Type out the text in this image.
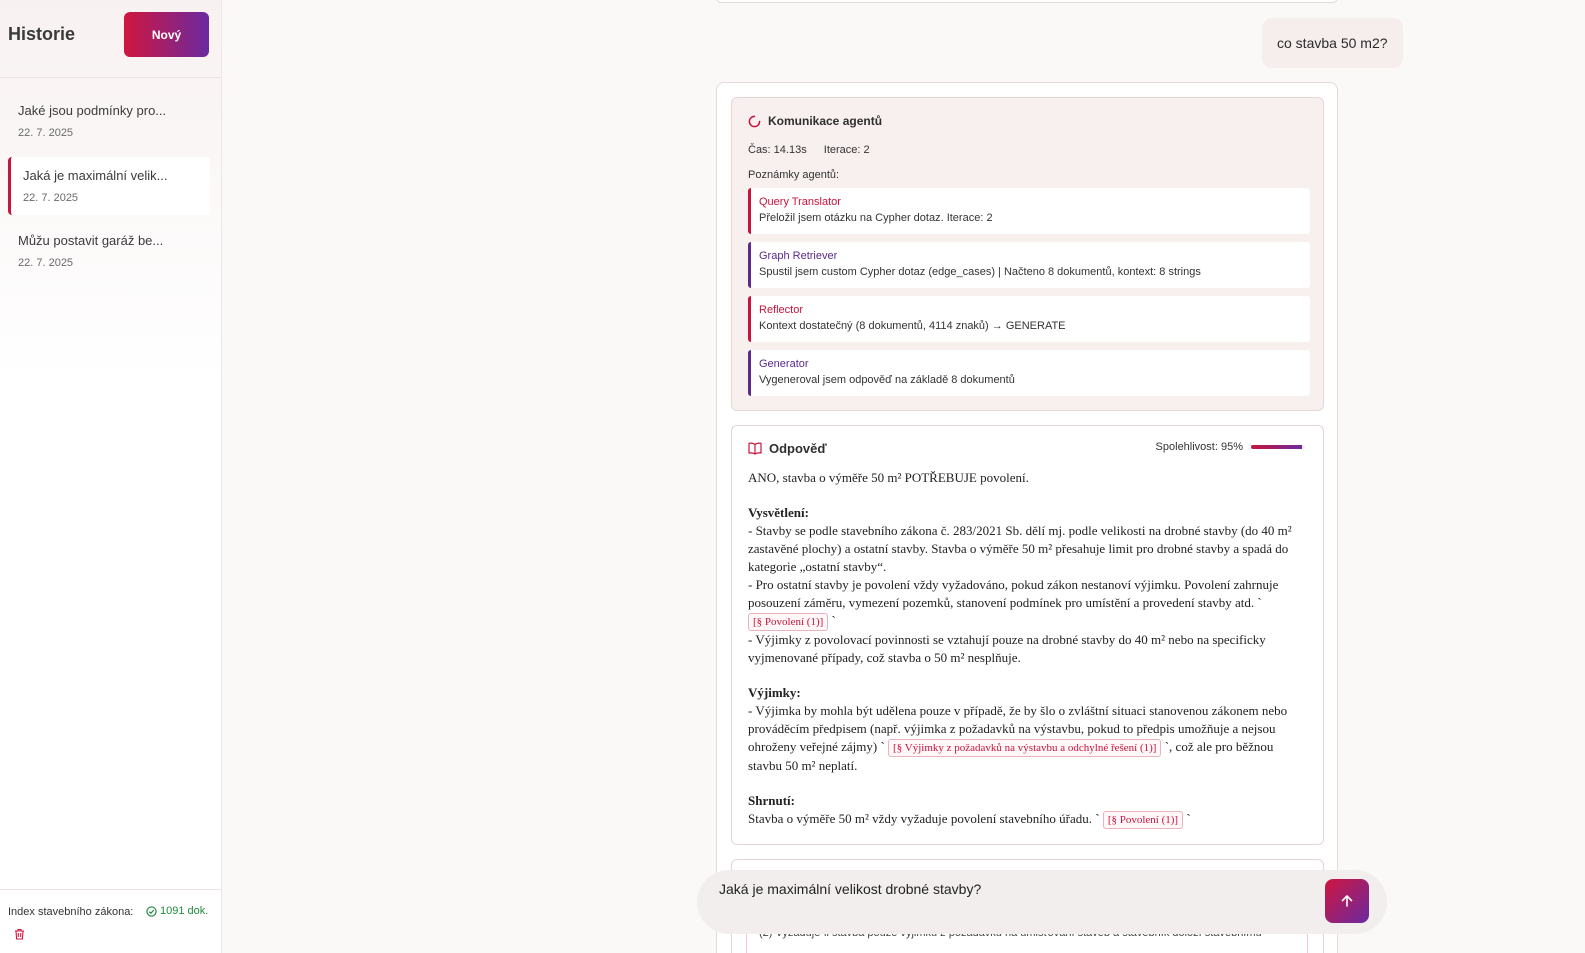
Historie	Nový
Jaké jsou podmínky pro...
22. 7. 2025
Jaká je maximální velik...
22. 7. 2025
Můžu postavit garáž be...
22. 7. 2025
Index stavebního zákona: 1091 dok.
co stavba 50 m2?
Komunikace agentů
Čas: 14.13s Iterace: 2
Poznámky agentů:
Query Translator
Přeložil jsem otázku na Cypher dotaz. Iterace: 2
Graph Retriever
Spustil jsem custom Cypher dotaz (edge_cases) | Načteno 8 dokumentů, kontext: 8 strings
Reflector
Kontext dostatečný (8 dokumentů, 4114 znaků) → GENERATE
Generator
Vygeneroval jsem odpověď na základě 8 dokumentů
Odpověď	Spolehlivost: 95%
ANO, stavba o výměře 50 m² POTŘEBUJE povolení.
Vysvětlení:
- Stavby se podle stavebního zákona č. 283/2021 Sb. dělí mj. podle velikosti na drobné stavby (do 40 m² zastavěné plochy) a ostatní stavby. Stavba o výměře 50 m² přesahuje limit pro drobné stavby a spadá do kategorie „ostatní stavby“.
- Pro ostatní stavby je povolení vždy vyžadováno, pokud zákon nestanoví výjimku. Povolení zahrnuje posouzení záměru, vymezení pozemků, stanovení podmínek pro umístění a provedení stavby atd. ` [§ Povolení (1)] `
- Výjimky z povolovací povinnosti se vztahují pouze na drobné stavby do 40 m² nebo na specificky vyjmenované případy, což stavba o 50 m² nesplňuje.
Výjimky:
- Výjimka by mohla být udělena pouze v případě, že by šlo o zvláštní situaci stanovenou zákonem nebo prováděcím předpisem (např. výjimka z požadavků na výstavbu, pokud to předpis umožňuje a nejsou ohroženy veřejné zájmy) ` [§ Výjimky z požadavků na výstavbu a odchylné řešení (1)] `, což ale pro běžnou stavbu 50 m² neplatí.
Shrnutí:
Stavba o výměře 50 m² vždy vyžaduje povolení stavebního úřadu. ` [§ Povolení (1)] `
Jaká je maximální velikost drobné stavby?
